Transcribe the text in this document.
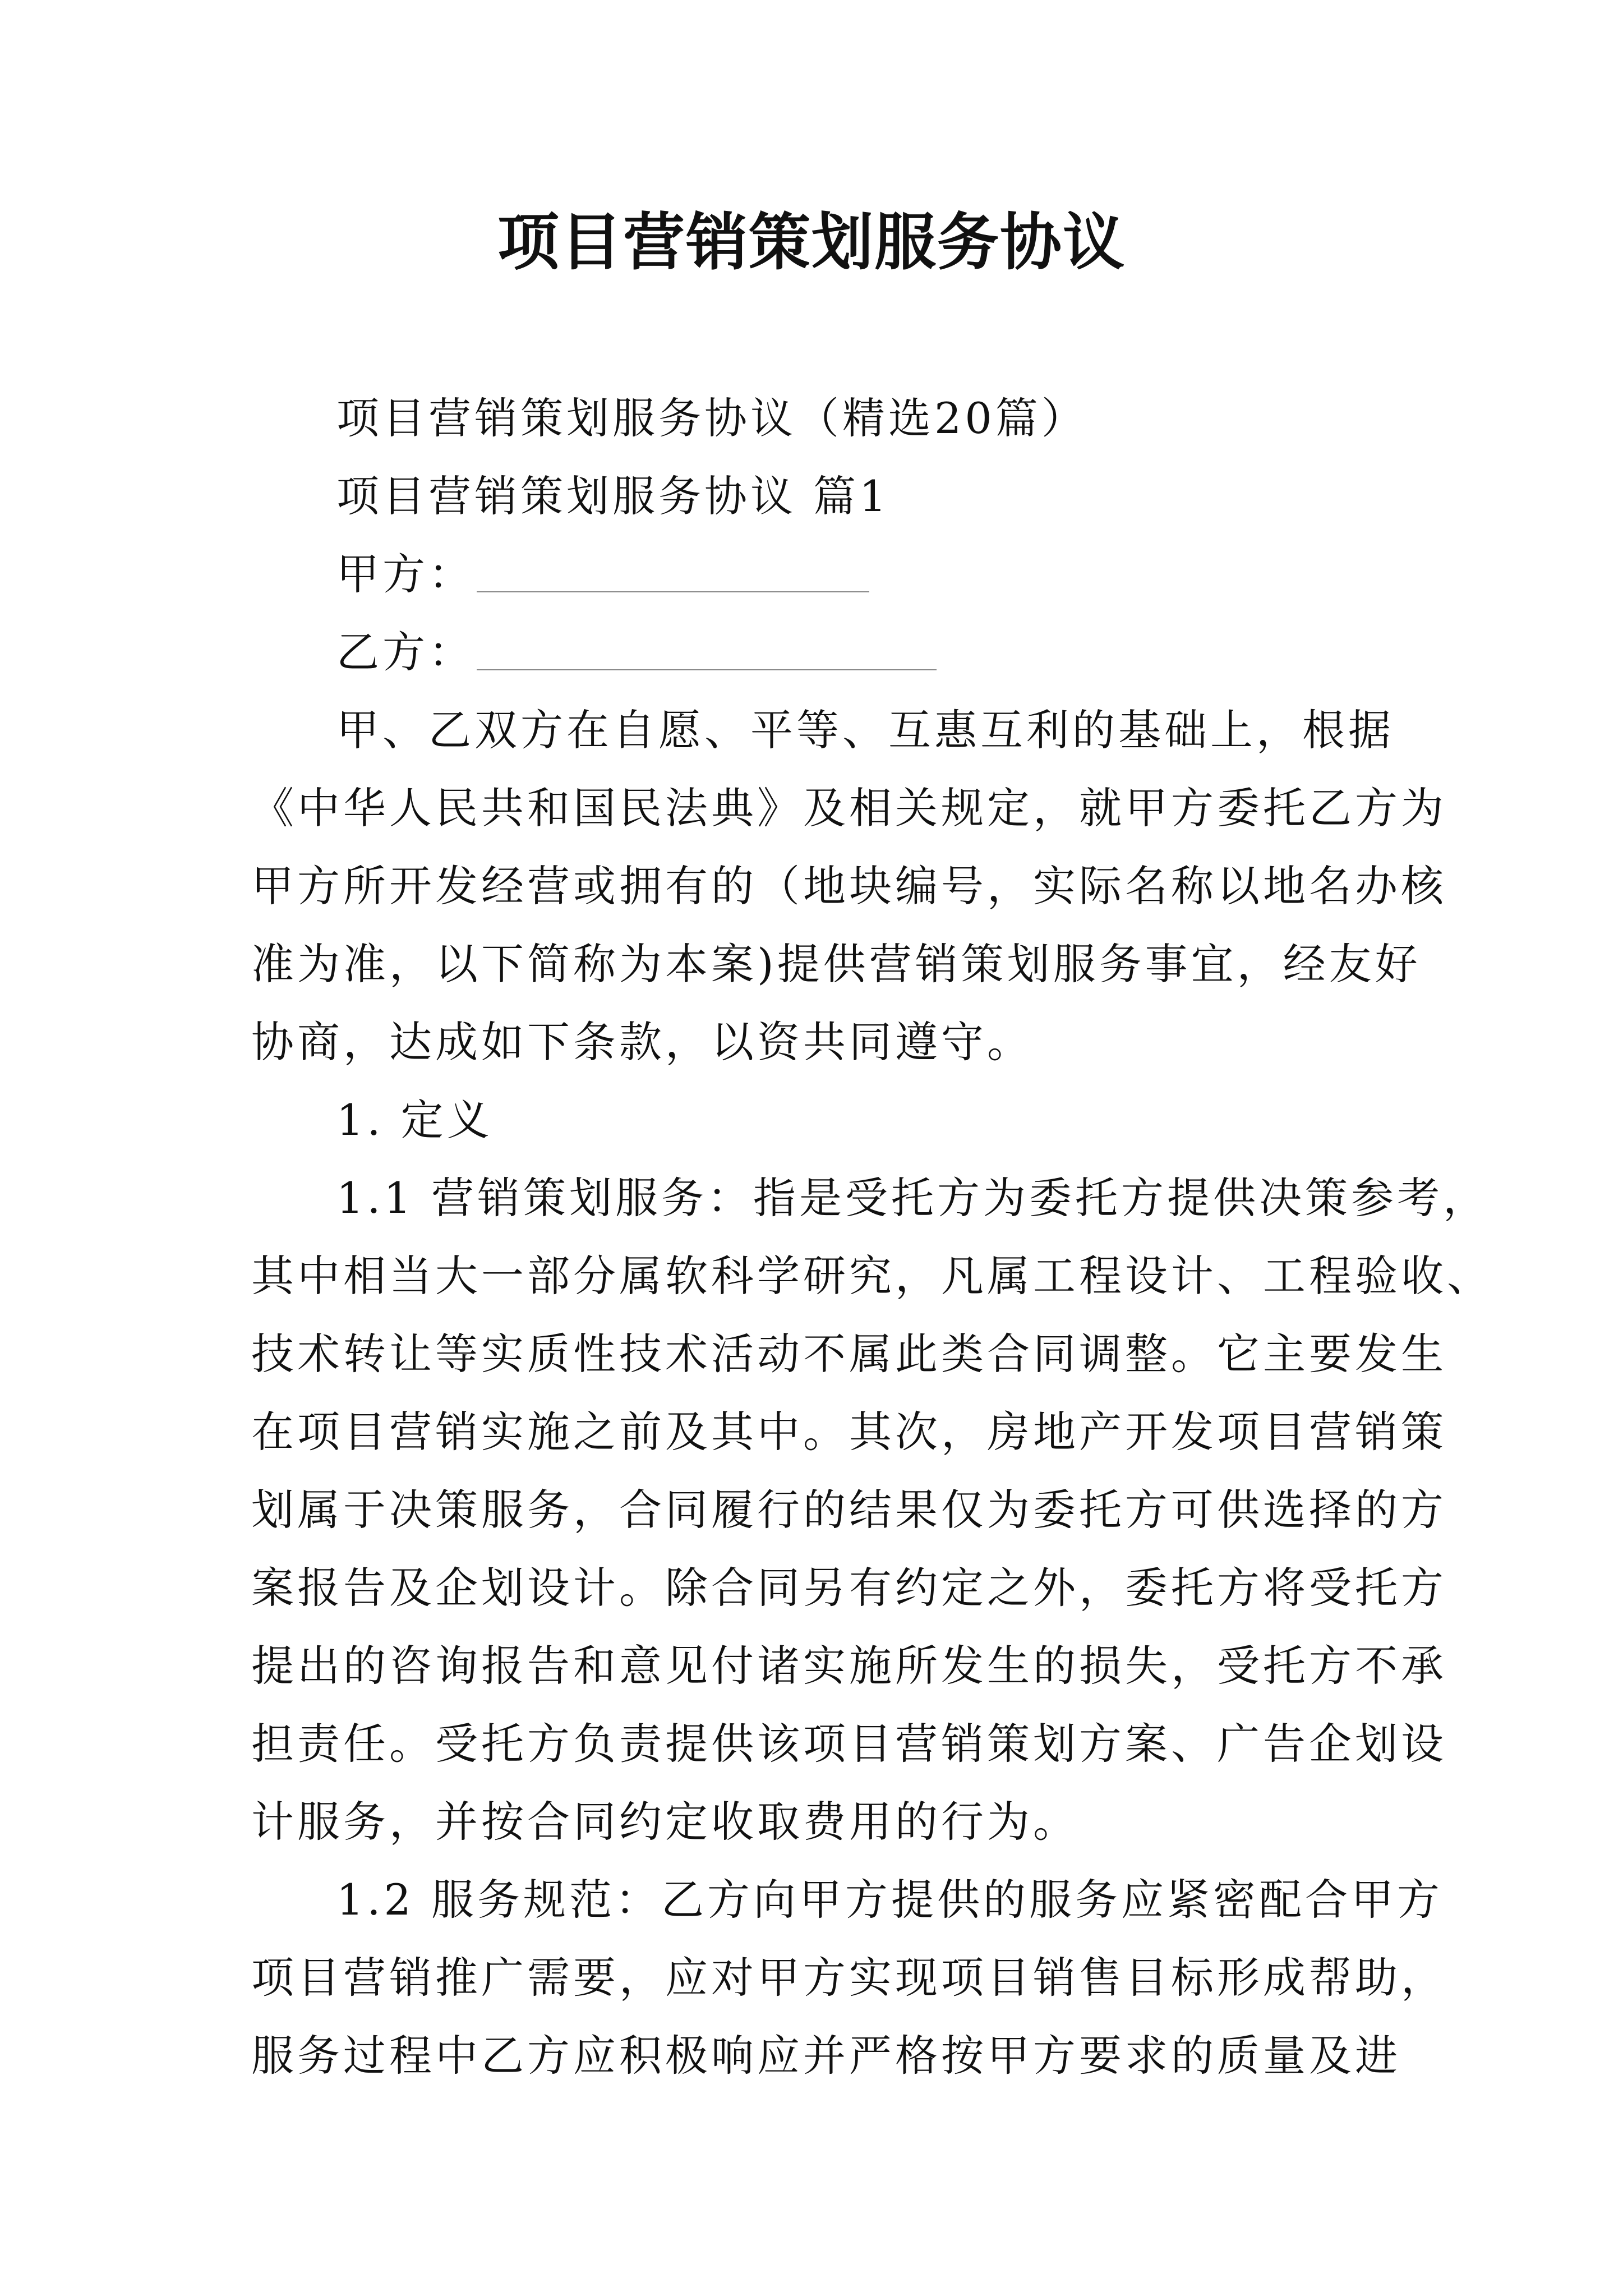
项目营销策划服务协议
项目营销策划服务协议（精选20篇）
项目营销策划服务协议 篇1
甲方：
乙方：
甲、乙双方在自愿、平等、互惠互利的基础上，根据
《中华人民共和国民法典》及相关规定，就甲方委托乙方为
甲方所开发经营或拥有的（地块编号，实际名称以地名办核
准为准，以下简称为本案)提供营销策划服务事宜，经友好
协商，达成如下条款，以资共同遵守。
1. 定义
1.1 营销策划服务：指是受托方为委托方提供决策参考，
其中相当大一部分属软科学研究，凡属工程设计、工程验收、
技术转让等实质性技术活动不属此类合同调整。它主要发生
在项目营销实施之前及其中。其次，房地产开发项目营销策
划属于决策服务，合同履行的结果仅为委托方可供选择的方
案报告及企划设计。除合同另有约定之外，委托方将受托方
提出的咨询报告和意见付诸实施所发生的损失，受托方不承
担责任。受托方负责提供该项目营销策划方案、广告企划设
计服务，并按合同约定收取费用的行为。
1.2 服务规范：乙方向甲方提供的服务应紧密配合甲方
项目营销推广需要，应对甲方实现项目销售目标形成帮助，
服务过程中乙方应积极响应并严格按甲方要求的质量及进
